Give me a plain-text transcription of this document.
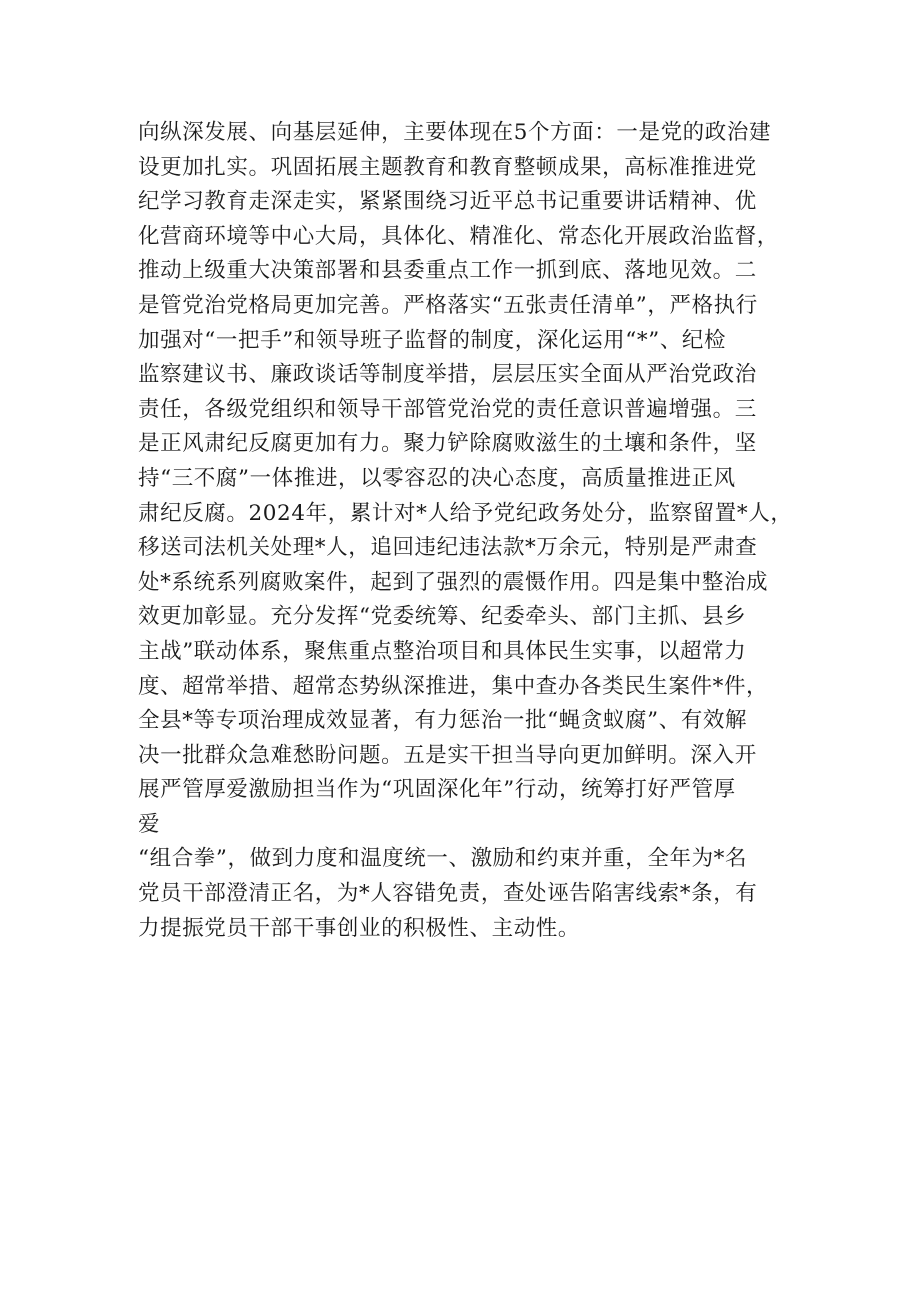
向纵深发展、向基层延伸，主要体现在5个方面：一是党的政治建
设更加扎实。巩固拓展主题教育和教育整顿成果，高标准推进党
纪学习教育走深走实，紧紧围绕习近平总书记重要讲话精神、优
化营商环境等中心大局，具体化、精准化、常态化开展政治监督，
推动上级重大决策部署和县委重点工作一抓到底、落地见效。二
是管党治党格局更加完善。严格落实“五张责任清单”，严格执行
加强对“一把手”和领导班子监督的制度，深化运用“*”、纪检
监察建议书、廉政谈话等制度举措，层层压实全面从严治党政治
责任，各级党组织和领导干部管党治党的责任意识普遍增强。三
是正风肃纪反腐更加有力。聚力铲除腐败滋生的土壤和条件，坚
持“三不腐”一体推进，以零容忍的决心态度，高质量推进正风
肃纪反腐。2024年，累计对*人给予党纪政务处分，监察留置*人，
移送司法机关处理*人，追回违纪违法款*万余元，特别是严肃查
处*系统系列腐败案件，起到了强烈的震慑作用。四是集中整治成
效更加彰显。充分发挥“党委统筹、纪委牵头、部门主抓、县乡
主战”联动体系，聚焦重点整治项目和具体民生实事，以超常力
度、超常举措、超常态势纵深推进，集中查办各类民生案件*件，
全县*等专项治理成效显著，有力惩治一批“蝇贪蚁腐”、有效解
决一批群众急难愁盼问题。五是实干担当导向更加鲜明。深入开
展严管厚爱激励担当作为“巩固深化年”行动，统筹打好严管厚
爱
“组合拳”，做到力度和温度统一、激励和约束并重，全年为*名
党员干部澄清正名，为*人容错免责，查处诬告陷害线索*条，有
力提振党员干部干事创业的积极性、主动性。
